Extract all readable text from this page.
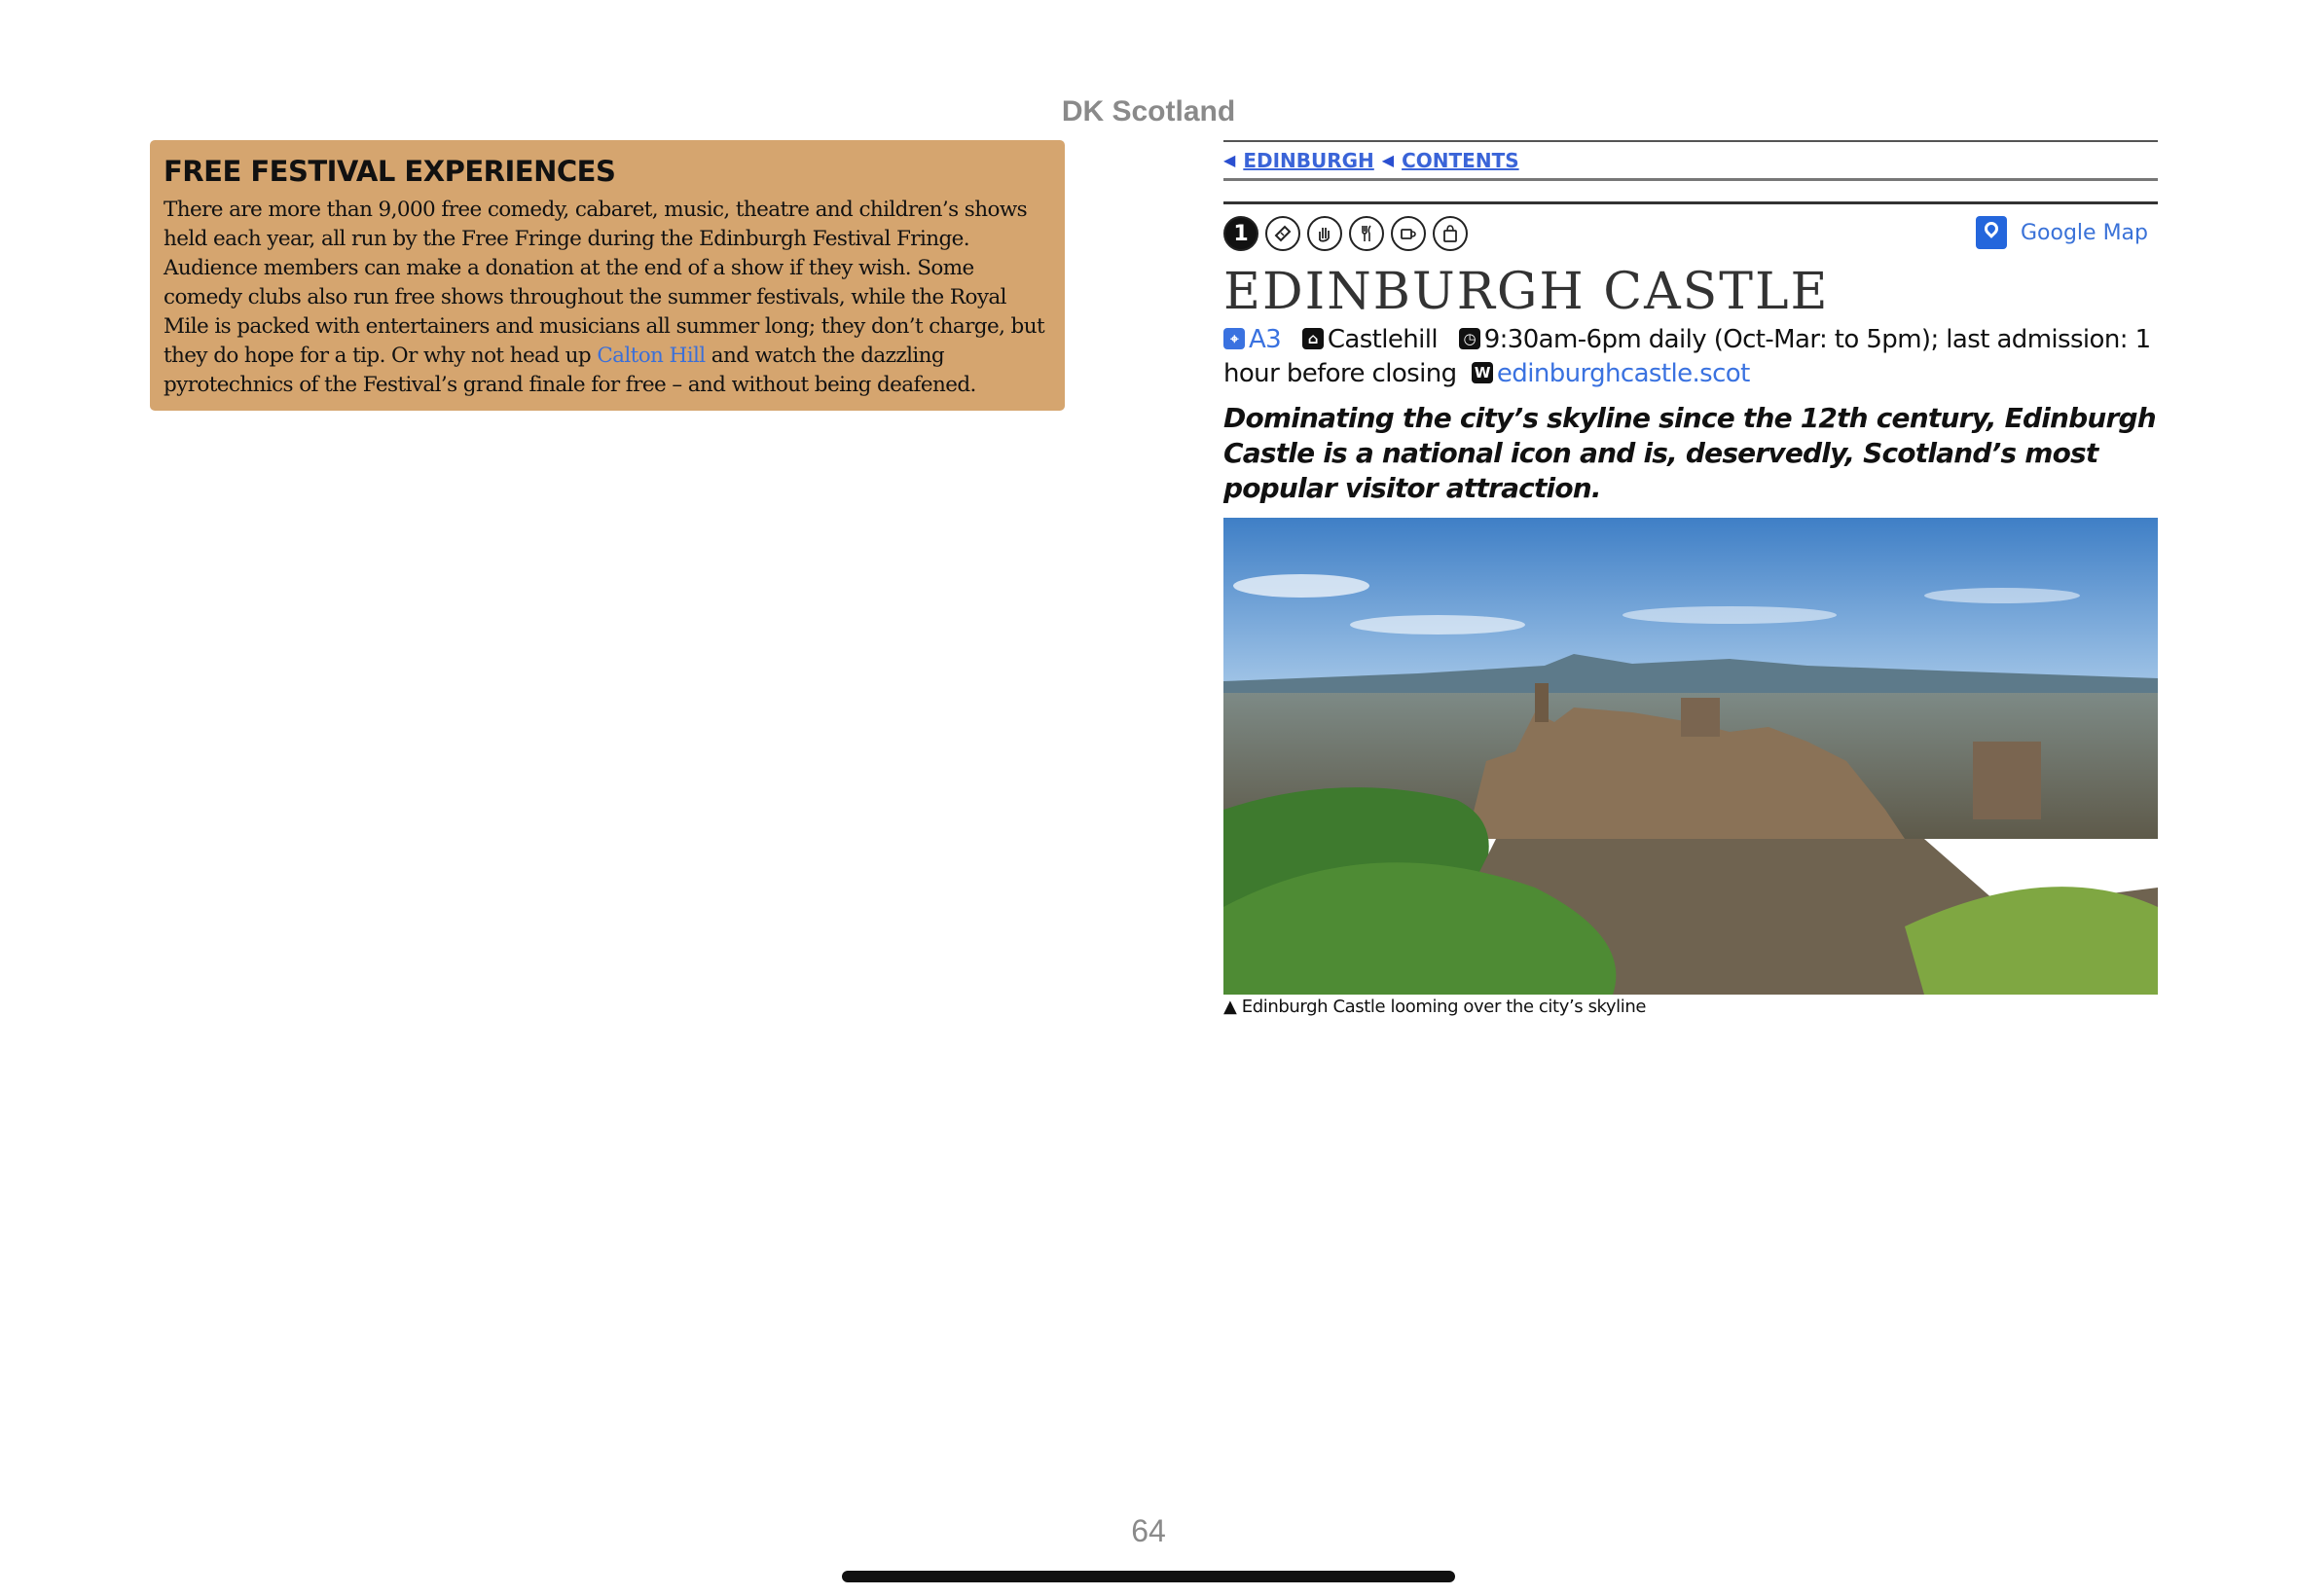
DK Scotland
FREE FESTIVAL EXPERIENCES

There are more than 9,000 free comedy, cabaret, music, theatre and children’s shows held each year, all run by the Free Fringe during the Edinburgh Festival Fringe. Audience members can make a donation at the end of a show if they wish. Some comedy clubs also run free shows throughout the summer festivals, while the Royal Mile is packed with entertainers and musicians all summer long; they don’t charge, but they do hope for a tip. Or why not head up Calton Hill and watch the dazzling pyrotechnics of the Festival’s grand finale for free – and without being deafened.

◀ EDINBURGH ◀ CONTENTS
1	Google Map
EDINBURGH CASTLE
⌖ A3	⌂ Castlehill	◷ 9:30am-6pm daily (Oct-Mar: to 5pm); last admission: 1 hour before closing W edinburghcastle.scot

Dominating the city’s skyline since the 12th century, Edinburgh Castle is a national icon and is, deservedly, Scotland’s most popular visitor attraction.

▲ Edinburgh Castle looming over the city’s skyline
64
